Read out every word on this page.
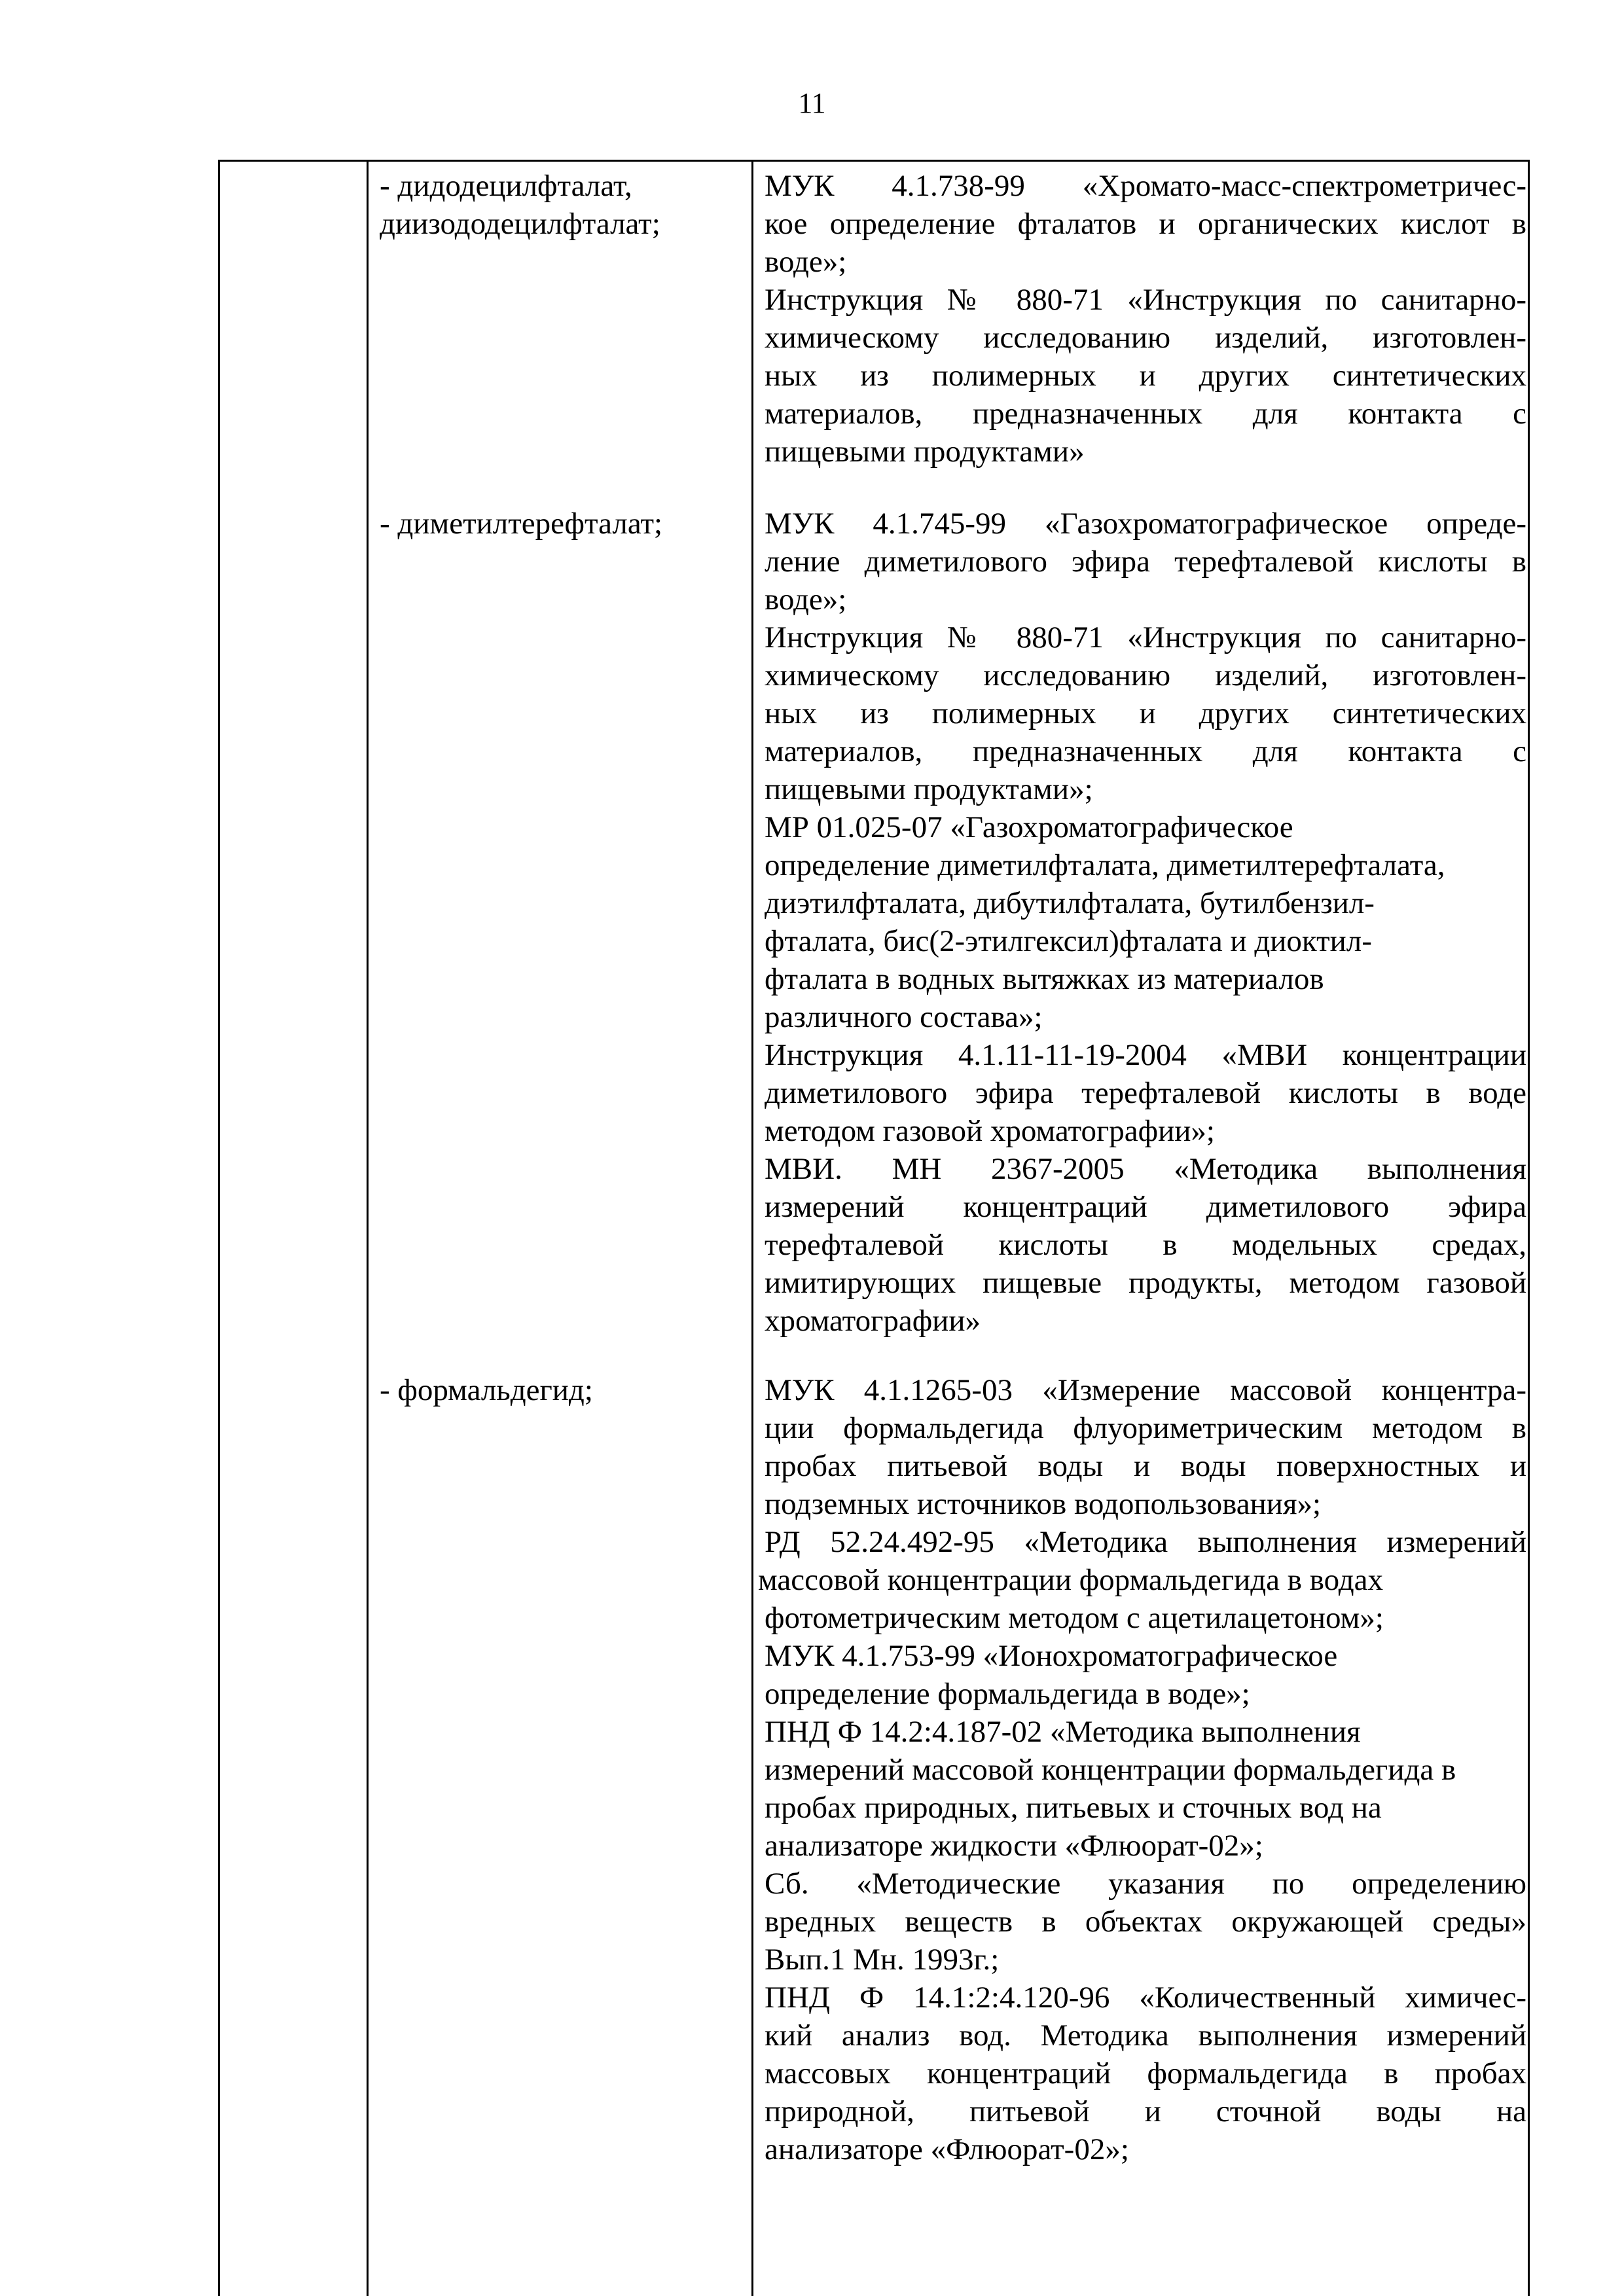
11
- дидодецилфталат,
диизододецилфталат;
МУК 4.1.738-99 «Хромато-масс-спектрометричес-
кое определение фталатов и органических кислот в
воде»;
Инструкция № 880-71 «Инструкция по санитарно-
химическому исследованию изделий, изготовлен-
ных из полимерных и других синтетических
материалов, предназначенных для контакта с
пищевыми продуктами»
- диметилтерефталат;	МУК 4.1.745-99 «Газохроматографическое опреде-
ление диметилового эфира терефталевой кислоты в
воде»;
Инструкция № 880-71 «Инструкция по санитарно-
химическому исследованию изделий, изготовлен-
ных из полимерных и других синтетических
материалов, предназначенных для контакта с
пищевыми продуктами»;
МР 01.025-07 «Газохроматографическое
определение диметилфталата, диметилтерефталата,
диэтилфталата, дибутилфталата, бутилбензил-
фталата, бис(2-этилгексил)фталата и диоктил-
фталата в водных вытяжках из материалов
различного состава»;
Инструкция 4.1.11-11-19-2004 «МВИ концентрации
диметилового эфира терефталевой кислоты в воде
методом газовой хроматографии»;
МВИ. МН 2367-2005 «Методика выполнения
измерений концентраций диметилового эфира
терефталевой кислоты в модельных средах,
имитирующих пищевые продукты, методом газовой
хроматографии»
- формальдегид;	МУК 4.1.1265-03 «Измерение массовой концентра-
ции формальдегида флуориметрическим методом в
пробах питьевой воды и воды поверхностных и
подземных источников водопользования»;
РД 52.24.492-95 «Методика выполнения измерений
массовой концентрации формальдегида в водах
фотометрическим методом с ацетилацетоном»;
МУК 4.1.753-99 «Ионохроматографическое
определение формальдегида в воде»;
ПНД Ф 14.2:4.187-02 «Методика выполнения
измерений массовой концентрации формальдегида в
пробах природных, питьевых и сточных вод на
анализаторе жидкости «Флюорат-02»;
Сб. «Методические указания по определению
вредных веществ в объектах окружающей среды»
Вып.1 Мн. 1993г.;
ПНД Ф 14.1:2:4.120-96 «Количественный химичес-
кий анализ вод. Методика выполнения измерений
массовых концентраций формальдегида в пробах
природной, питьевой и сточной воды на
анализаторе «Флюорат-02»;
